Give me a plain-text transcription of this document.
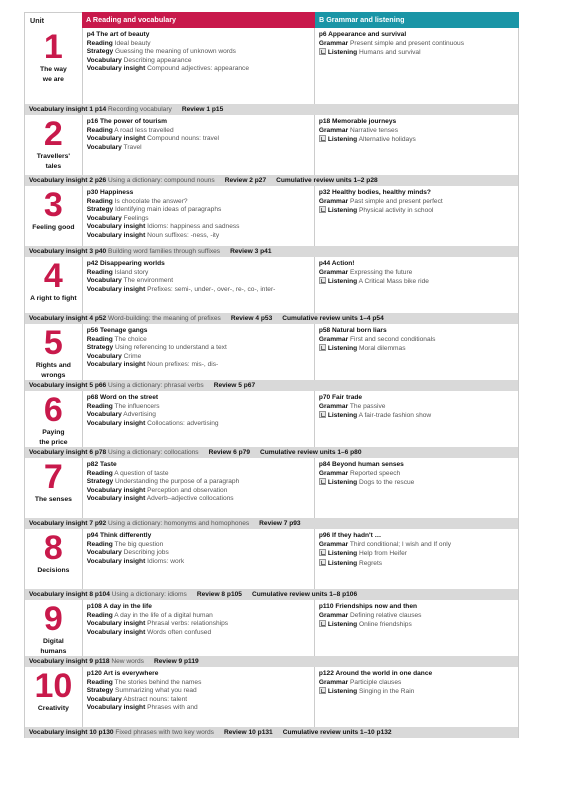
Unit	A Reading and vocabulary	B Grammar and listening
1
The way
we are
p4 The art of beauty
Reading Ideal beauty
Strategy Guessing the meaning of unknown words
Vocabulary Describing appearance
Vocabulary insight Compound adjectives: appearance
p6 Appearance and survival
Grammar Present simple and present continuous
Listening Humans and survival
Vocabulary insight 1 p14 Recording vocabulary Review 1 p15
2
Travellers'
tales
p16 The power of tourism
Reading A road less travelled
Vocabulary insight Compound nouns: travel
Vocabulary Travel
p18 Memorable journeys
Grammar Narrative tenses
Listening Alternative holidays
Vocabulary insight 2 p26 Using a dictionary: compound nouns Review 2 p27 Cumulative review units 1–2 p28
3
Feeling good
p30 Happiness
Reading Is chocolate the answer?
Strategy Identifying main ideas of paragraphs
Vocabulary Feelings
Vocabulary insight Idioms: happiness and sadness
Vocabulary insight Noun suffixes: -ness, -ity
p32 Healthy bodies, healthy minds?
Grammar Past simple and present perfect
Listening Physical activity in school
Vocabulary insight 3 p40 Building word families through suffixes Review 3 p41
4
A right to fight
p42 Disappearing worlds
Reading Island story
Vocabulary The environment
Vocabulary insight Prefixes: semi-, under-, over-, re-, co-, inter-
p44 Action!
Grammar Expressing the future
Listening A Critical Mass bike ride
Vocabulary insight 4 p52 Word-building: the meaning of prefixes Review 4 p53 Cumulative review units 1–4 p54
5
Rights and
wrongs
p56 Teenage gangs
Reading The choice
Strategy Using referencing to understand a text
Vocabulary Crime
Vocabulary insight Noun prefixes: mis-, dis-
p58 Natural born liars
Grammar First and second conditionals
Listening Moral dilemmas
Vocabulary insight 5 p66 Using a dictionary: phrasal verbs Review 5 p67
6
Paying
the price
p68 Word on the street
Reading The influencers
Vocabulary Advertising
Vocabulary insight Collocations: advertising
p70 Fair trade
Grammar The passive
Listening A fair-trade fashion show
Vocabulary insight 6 p78 Using a dictionary: collocations Review 6 p79 Cumulative review units 1–6 p80
7
The senses
p82 Taste
Reading A question of taste
Strategy Understanding the purpose of a paragraph
Vocabulary insight Perception and observation
Vocabulary insight Adverb–adjective collocations
p84 Beyond human senses
Grammar Reported speech
Listening Dogs to the rescue
Vocabulary insight 7 p92 Using a dictionary: homonyms and homophones Review 7 p93
8
Decisions
p94 Think differently
Reading The big question
Vocabulary Describing jobs
Vocabulary insight Idioms: work
p96 If they hadn't …
Grammar Third conditional; I wish and If only
Listening Help from Heifer
Listening Regrets
Vocabulary insight 8 p104 Using a dictionary: idioms Review 8 p105 Cumulative review units 1–8 p106
9
Digital
humans
p108 A day in the life
Reading A day in the life of a digital human
Vocabulary insight Phrasal verbs: relationships
Vocabulary insight Words often confused
p110 Friendships now and then
Grammar Defining relative clauses
Listening Online friendships
Vocabulary insight 9 p118 New words Review 9 p119
10
Creativity
p120 Art is everywhere
Reading The stories behind the names
Strategy Summarizing what you read
Vocabulary Abstract nouns: talent
Vocabulary insight Phrases with and
p122 Around the world in one dance
Grammar Participle clauses
Listening Singing in the Rain
Vocabulary insight 10 p130 Fixed phrases with two key words Review 10 p131 Cumulative review units 1–10 p132
